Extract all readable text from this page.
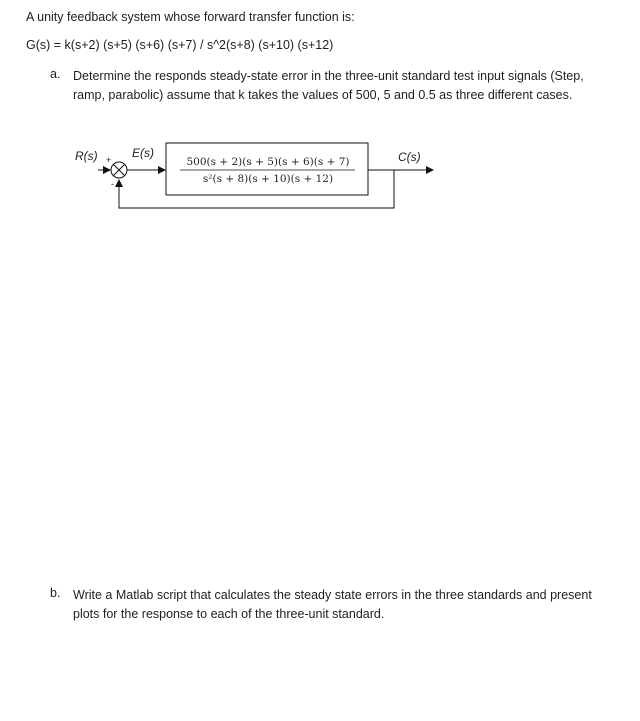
A unity feedback system whose forward transfer function is:
G(s) = k(s+2) (s+5) (s+6) (s+7) / s^2(s+8) (s+10) (s+12)
a. Determine the responds steady-state error in the three-unit standard test input signals (Step, ramp, parabolic) assume that k takes the values of 500, 5 and 0.5 as three different cases.
R(s) +
-
E(s)	C(s)
500(s + 2)(s + 5)(s + 6)(s + 7)
s²(s + 8)(s + 10)(s + 12)
b. Write a Matlab script that calculates the steady state errors in the three standards and present plots for the response to each of the three-unit standard.
